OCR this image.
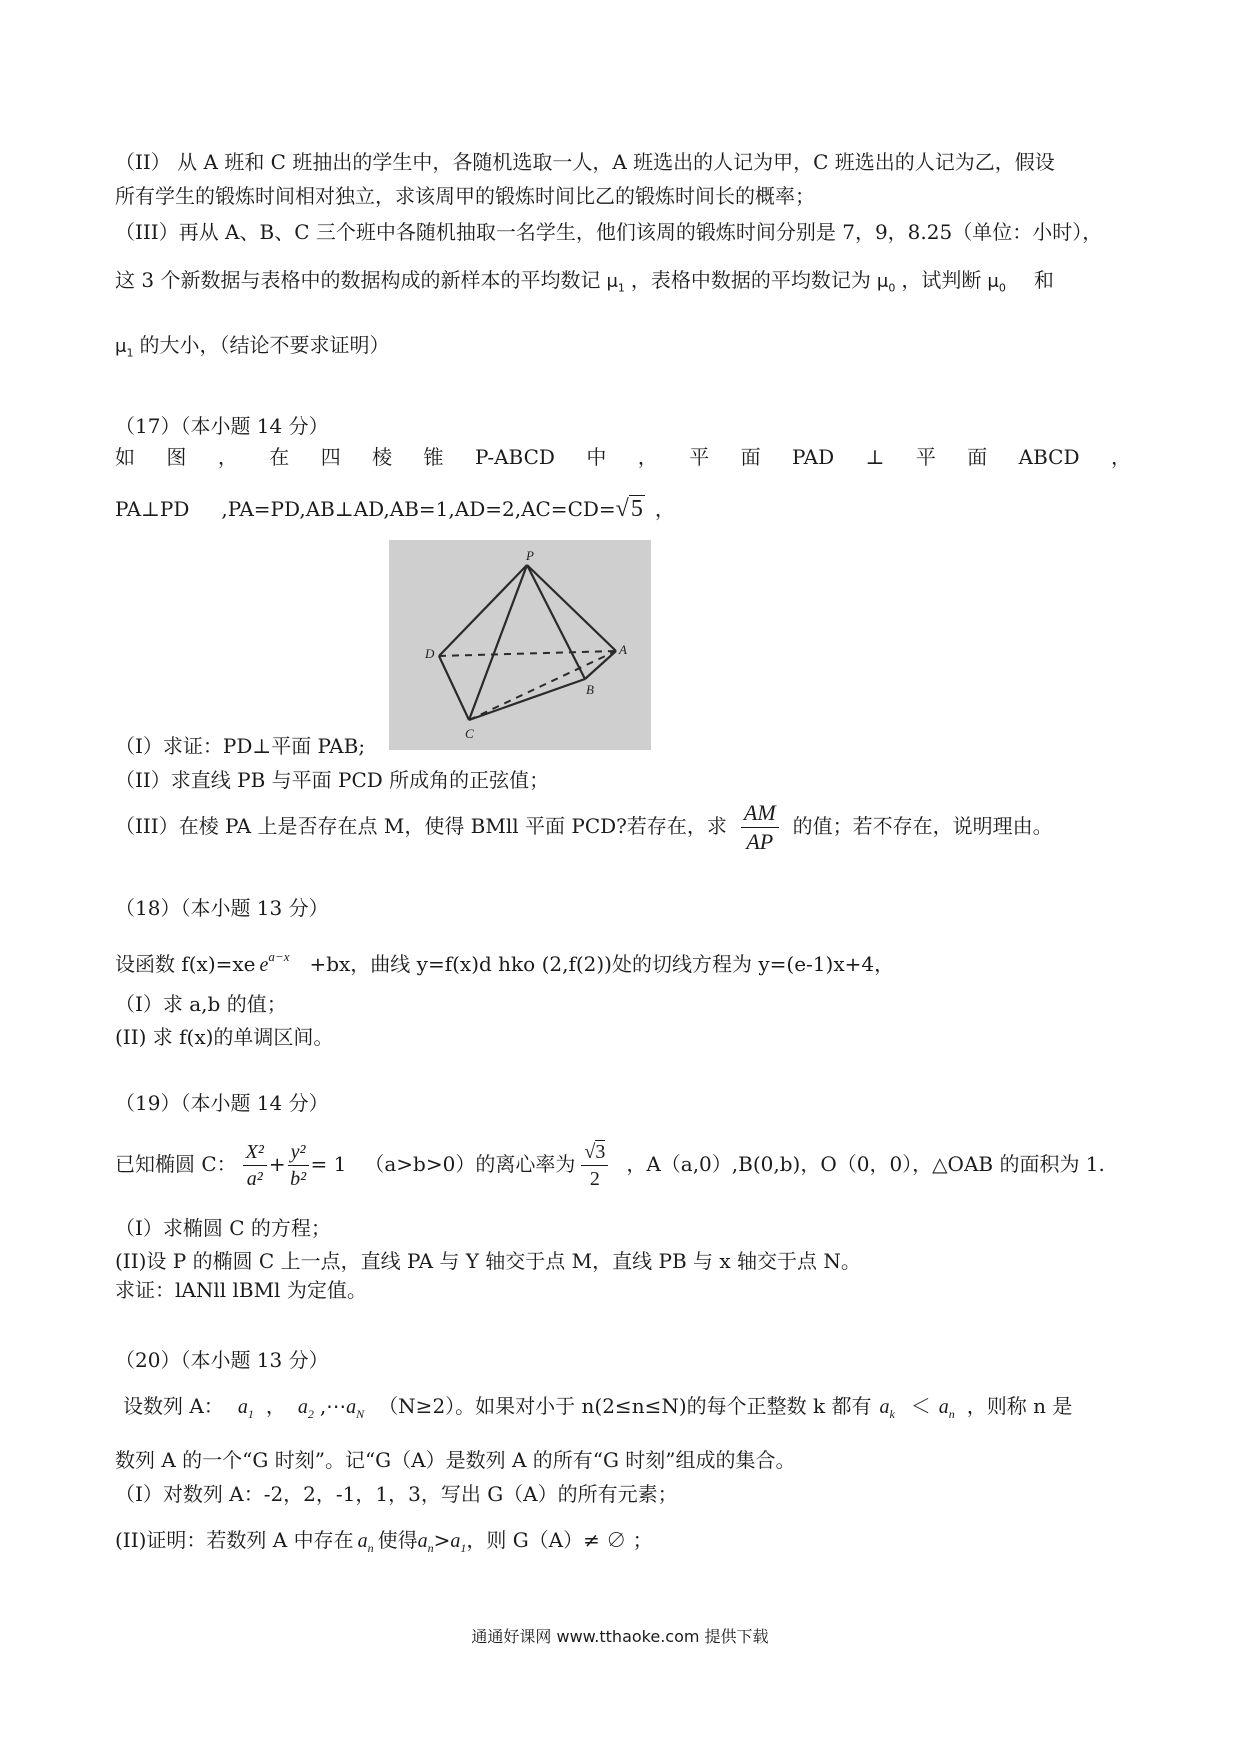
（II） 从 A 班和 C 班抽出的学生中，各随机选取一人，A 班选出的人记为甲，C 班选出的人记为乙，假设
所有学生的锻炼时间相对独立，求该周甲的锻炼时间比乙的锻炼时间长的概率；
（III）再从 A、B、C 三个班中各随机抽取一名学生，他们该周的锻炼时间分别是 7，9，8.25（单位：小时），
这 3 个新数据与表格中的数据构成的新样本的平均数记 $\mu_1$ ，表格中数据的平均数记为 $\mu_0$ ，试判断 $\mu_0$ 和
$\mu_1$ 的大小，（结论不要求证明）
（17）（本小题 14 分）
如 图 ， 在 四 棱 锥 P-ABCD 中 ， 平 面 PAD ⊥ 平 面 ABCD ，
PA⊥PD ,PA=PD,AB⊥AD,AB=1,AD=2,AC=CD=√5 ，
P
D	A
B
C
（I）求证：PD⊥平面 PAB;
（II）求直线 PB 与平面 PCD 所成角的正弦值；
（III）在棱 PA 上是否存在点 M，使得 BMll 平面 PCD?若存在，求 $\frac{AM}{AP}$ 的值；若不存在，说明理由。
（18）（本小题 13 分）
设函数 f(x)=xe $e^{a-x} +bx$，曲线 y=f(x)d hko (2,f(2))处的切线方程为 y=(e-1)x+4，
（I）求 a,b 的值；
(II) 求 f(x)的单调区间。
（19）（本小题 14 分）
已知椭圆 C： $\frac{\text{X²}}{\text{a²}} + \frac{\text{y²}}{\text{b²}} = 1$ （a>b>0）的离心率为 $\frac{√3}{2}$ ，A（a,0）,B(0,b)，O（0，0），△OAB 的面积为 1.
（I）求椭圆 C 的方程；
(II)设 P 的椭圆 C 上一点，直线 PA 与 Y 轴交于点 M，直线 PB 与 x 轴交于点 N。
求证：lANll lBMl 为定值。
（20）（本小题 13 分）
设数列 A： $a_1$ ， $a_2$ $,\cdots a_N$ （N≥2）。如果对小于 n(2≤n≤N)的每个正整数 k 都有 $a_k < a_n$ ，则称 n 是
数列 A 的一个“G 时刻”。记“G（A）是数列 A 的所有“G 时刻”组成的集合。
（I）对数列 A：-2，2，-1，1，3，写出 G（A）的所有元素；
(II)证明：若数列 A 中存在 $a_n$ 使得$a_n>a_1$，则 G（A）≠ ∅ ；
通通好课网 www.tthaoke.com 提供下载
